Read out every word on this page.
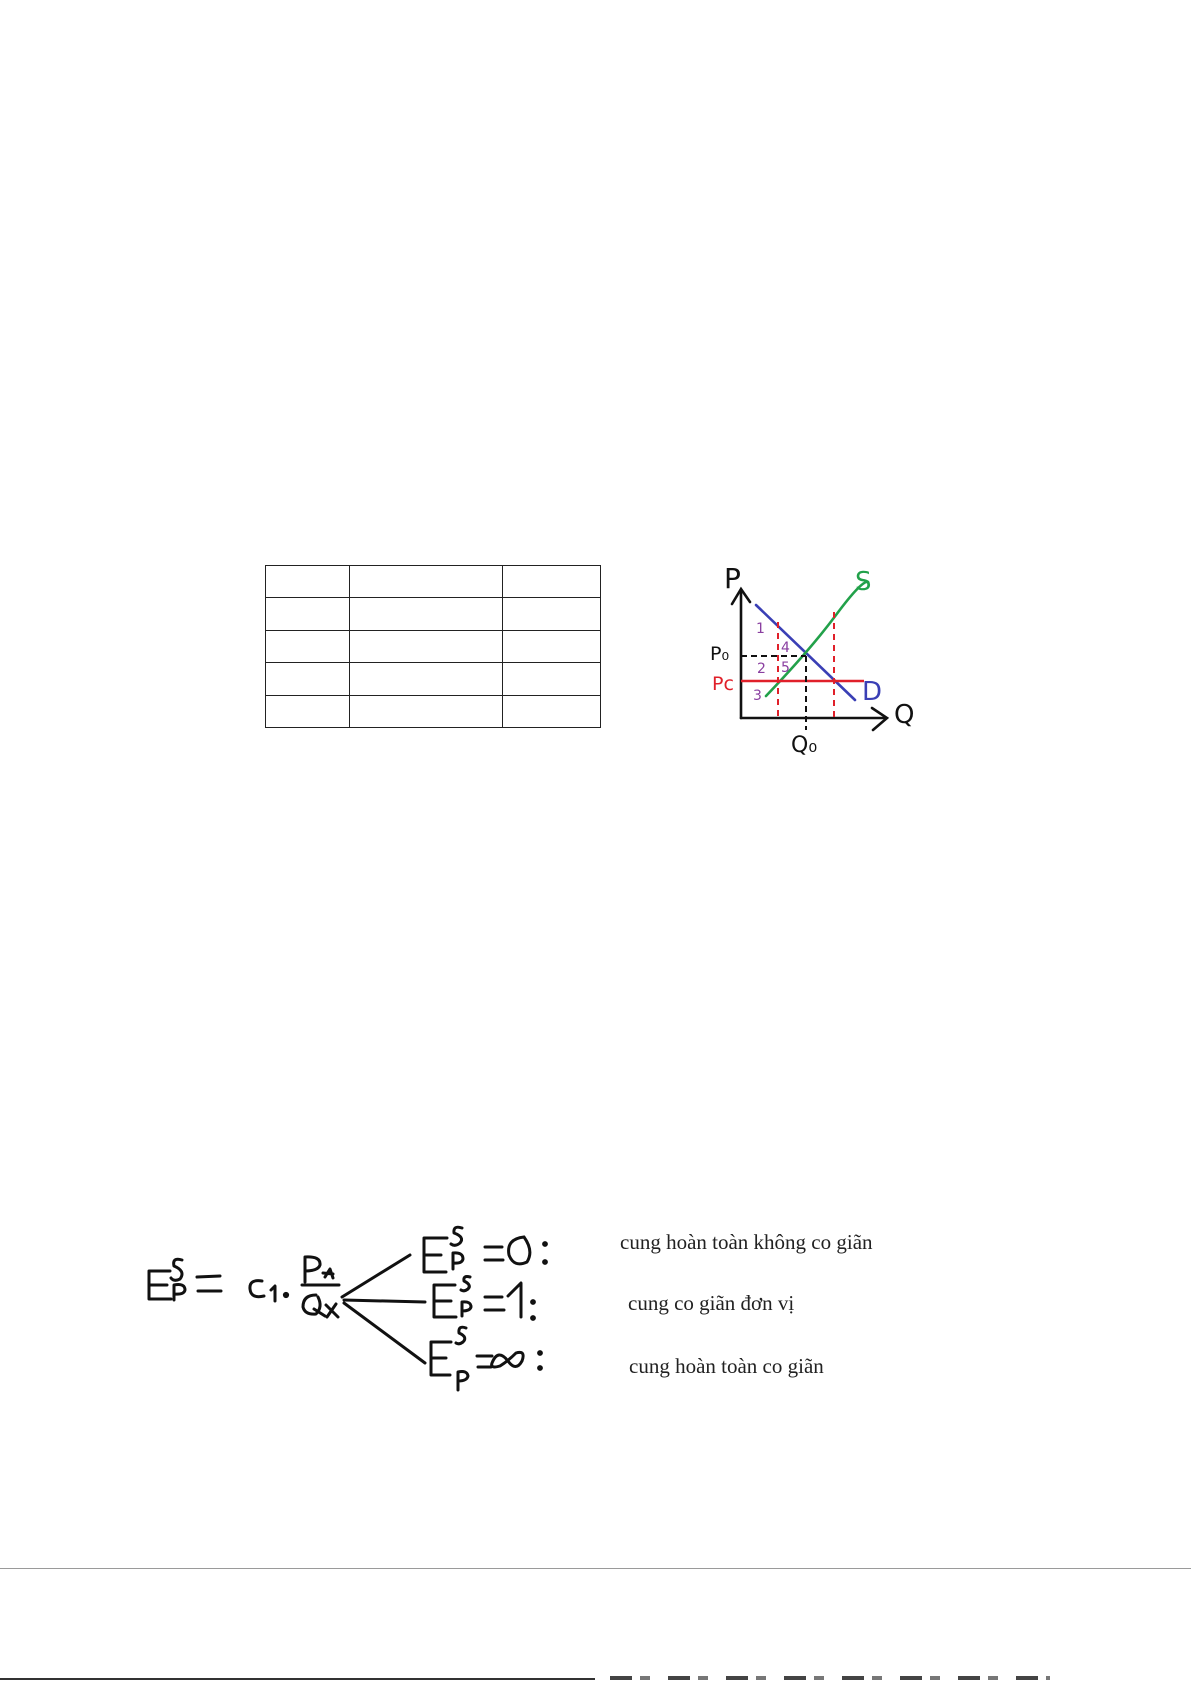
P
Q
S
D
P₀
Pc
Q₀
1
2
3
4
5
cung hoàn toàn không co giãn
cung co giãn đơn vị
cung hoàn toàn co giãn
